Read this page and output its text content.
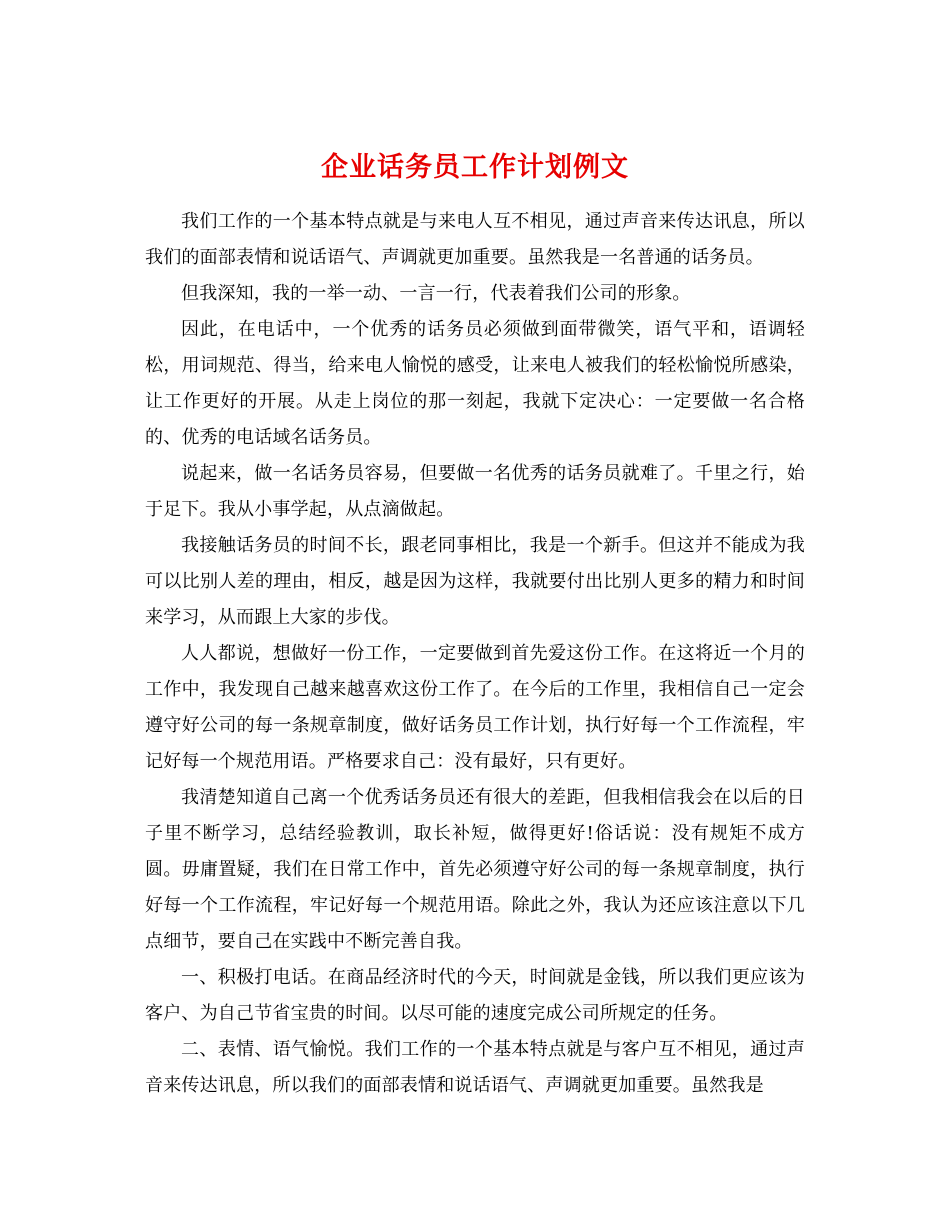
企业话务员工作计划例文

我们工作的一个基本特点就是与来电人互不相见，通过声音来传达讯息，所以我们的面部表情和说话语气、声调就更加重要。虽然我是一名普通的话务员。

但我深知，我的一举一动、一言一行，代表着我们公司的形象。

因此，在电话中，一个优秀的话务员必须做到面带微笑，语气平和，语调轻松，用词规范、得当，给来电人愉悦的感受，让来电人被我们的轻松愉悦所感染，让工作更好的开展。从走上岗位的那一刻起，我就下定决心：一定要做一名合格的、优秀的电话域名话务员。

说起来，做一名话务员容易，但要做一名优秀的话务员就难了。千里之行，始于足下。我从小事学起，从点滴做起。

我接触话务员的时间不长，跟老同事相比，我是一个新手。但这并不能成为我可以比别人差的理由，相反，越是因为这样，我就要付出比别人更多的精力和时间来学习，从而跟上大家的步伐。

人人都说，想做好一份工作，一定要做到首先爱这份工作。在这将近一个月的工作中，我发现自己越来越喜欢这份工作了。在今后的工作里，我相信自己一定会遵守好公司的每一条规章制度，做好话务员工作计划，执行好每一个工作流程，牢记好每一个规范用语。严格要求自己：没有最好，只有更好。

我清楚知道自己离一个优秀话务员还有很大的差距，但我相信我会在以后的日子里不断学习，总结经验教训，取长补短，做得更好!俗话说：没有规矩不成方圆。毋庸置疑，我们在日常工作中，首先必须遵守好公司的每一条规章制度，执行好每一个工作流程，牢记好每一个规范用语。除此之外，我认为还应该注意以下几点细节，要自己在实践中不断完善自我。

一、积极打电话。在商品经济时代的今天，时间就是金钱，所以我们更应该为客户、为自己节省宝贵的时间。以尽可能的速度完成公司所规定的任务。

二、表情、语气愉悦。我们工作的一个基本特点就是与客户互不相见，通过声音来传达讯息，所以我们的面部表情和说话语气、声调就更加重要。虽然我是
